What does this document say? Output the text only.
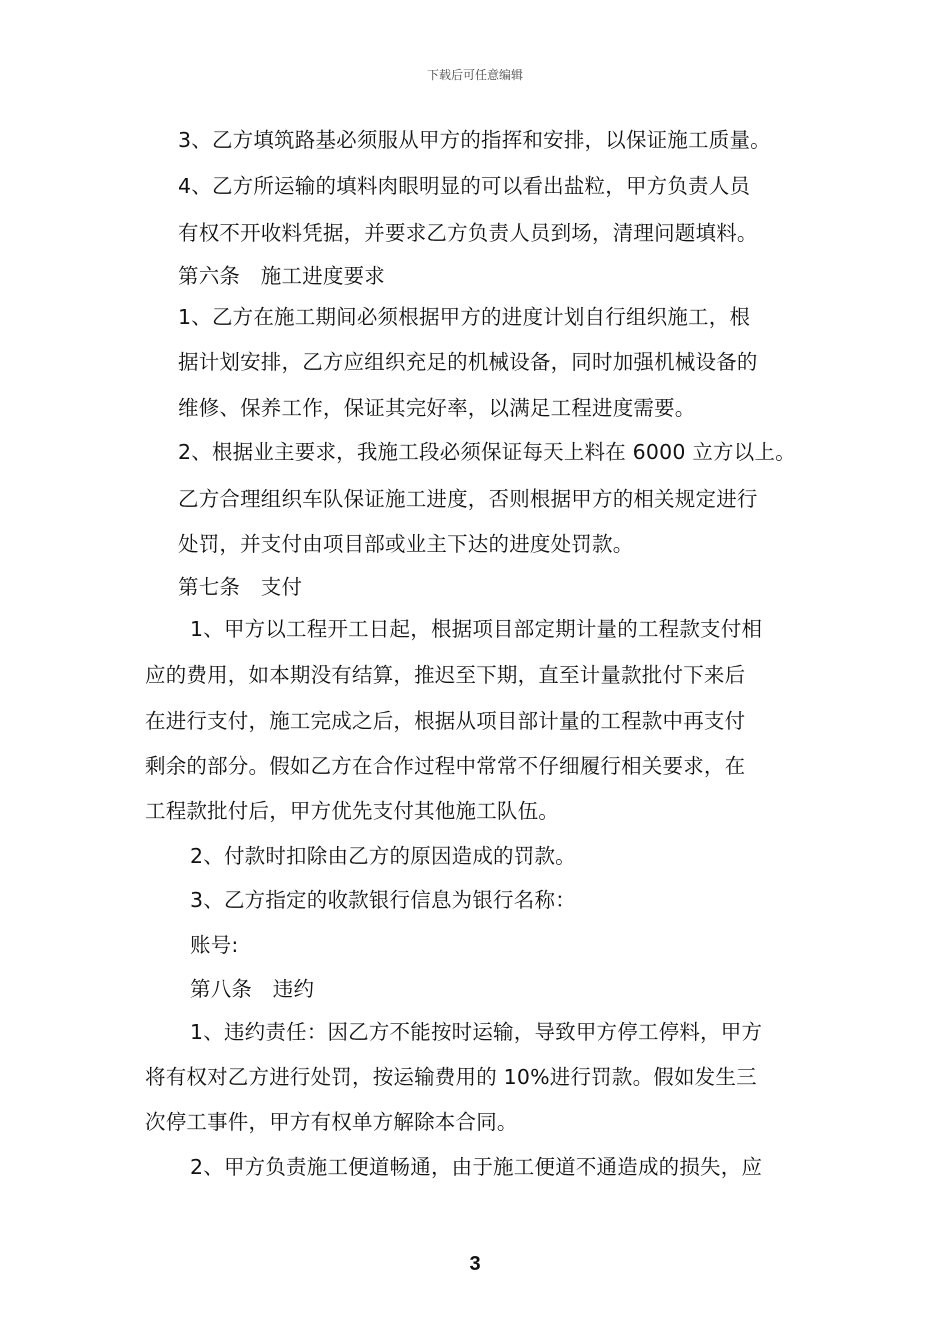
下载后可任意编辑
3、乙方填筑路基必须服从甲方的指挥和安排，以保证施工质量。
4、乙方所运输的填料肉眼明显的可以看出盐粒，甲方负责人员
有权不开收料凭据，并要求乙方负责人员到场，清理问题填料。
第六条　施工进度要求
1、乙方在施工期间必须根据甲方的进度计划自行组织施工，根
据计划安排，乙方应组织充足的机械设备，同时加强机械设备的
维修、保养工作，保证其完好率，以满足工程进度需要。
2、根据业主要求，我施工段必须保证每天上料在 6000 立方以上。
乙方合理组织车队保证施工进度，否则根据甲方的相关规定进行
处罚，并支付由项目部或业主下达的进度处罚款。
第七条　支付
1、甲方以工程开工日起，根据项目部定期计量的工程款支付相
应的费用，如本期没有结算，推迟至下期，直至计量款批付下来后
在进行支付，施工完成之后，根据从项目部计量的工程款中再支付
剩余的部分。假如乙方在合作过程中常常不仔细履行相关要求，在
工程款批付后，甲方优先支付其他施工队伍。
2、付款时扣除由乙方的原因造成的罚款。
3、乙方指定的收款银行信息为银行名称：
账号:
第八条　违约
1、违约责任：因乙方不能按时运输，导致甲方停工停料，甲方
将有权对乙方进行处罚，按运输费用的 10%进行罚款。假如发生三
次停工事件，甲方有权单方解除本合同。
2、甲方负责施工便道畅通，由于施工便道不通造成的损失，应
3
